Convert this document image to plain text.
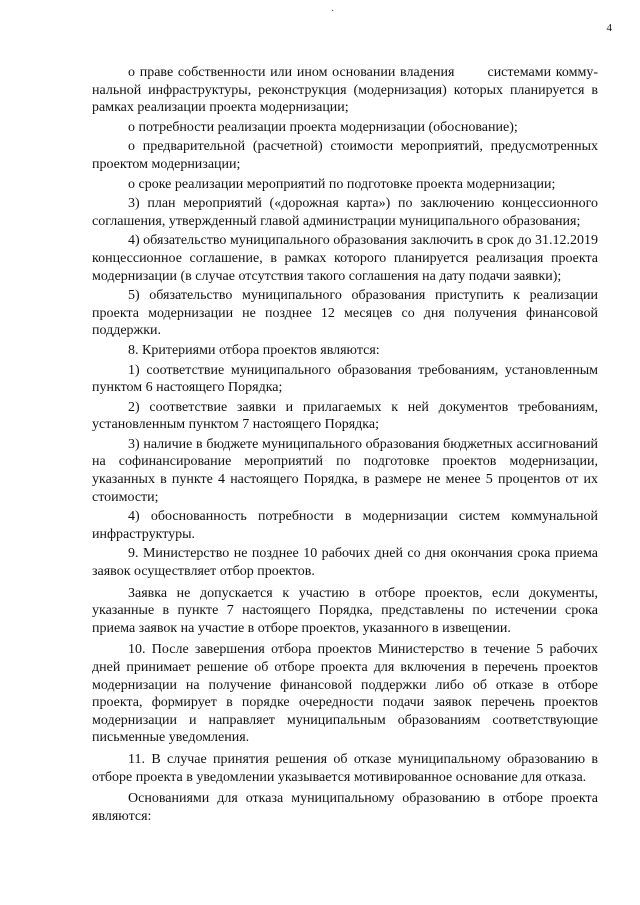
·
4

о праве собственности или ином основании владения       системами комму-нальной инфраструктуры, реконструкция (модернизация) которых планируется в рамках реализации проекта модернизации;

о потребности реализации проекта модернизации (обоснование);

о предварительной (расчетной) стоимости мероприятий, предусмотренных проектом модернизации;

о сроке реализации мероприятий по подготовке проекта модернизации;

3) план мероприятий («дорожная карта») по заключению концессионного соглашения, утвержденный главой администрации муниципального образования;

4) обязательство муниципального образования заключить в срок до 31.12.2019 концессионное соглашение, в рамках которого планируется реализация проекта модернизации (в случае отсутствия такого соглашения на дату подачи заявки);

5) обязательство муниципального образования приступить к реализации проекта модернизации не позднее 12 месяцев со дня получения финансовой поддержки.

8. Критериями отбора проектов являются:

1) соответствие муниципального образования требованиям, установленным пунктом 6 настоящего Порядка;

2) соответствие заявки и прилагаемых к ней документов требованиям, установленным пунктом 7 настоящего Порядка;

3) наличие в бюджете муниципального образования бюджетных ассигнований на софинансирование мероприятий по подготовке проектов модернизации, указанных в пункте 4 настоящего Порядка, в размере не менее 5 процентов от их стоимости;

4) обоснованность потребности в модернизации систем коммунальной инфраструктуры.

9. Министерство не позднее 10 рабочих дней со дня окончания срока приема заявок осуществляет отбор проектов.

Заявка не допускается к участию в отборе проектов, если документы, указанные в пункте 7 настоящего Порядка, представлены по истечении срока приема заявок на участие в отборе проектов, указанного в извещении.

10. После завершения отбора проектов Министерство в течение 5 рабочих дней принимает решение об отборе проекта для включения в перечень проектов модернизации на получение финансовой поддержки либо об отказе в отборе проекта, формирует в порядке очередности подачи заявок перечень проектов модернизации и направляет муниципальным образованиям соответствующие письменные уведомления.

11. В случае принятия решения об отказе муниципальному образованию в отборе проекта в уведомлении указывается мотивированное основание для отказа.

Основаниями для отказа муниципальному образованию в отборе проекта являются:
